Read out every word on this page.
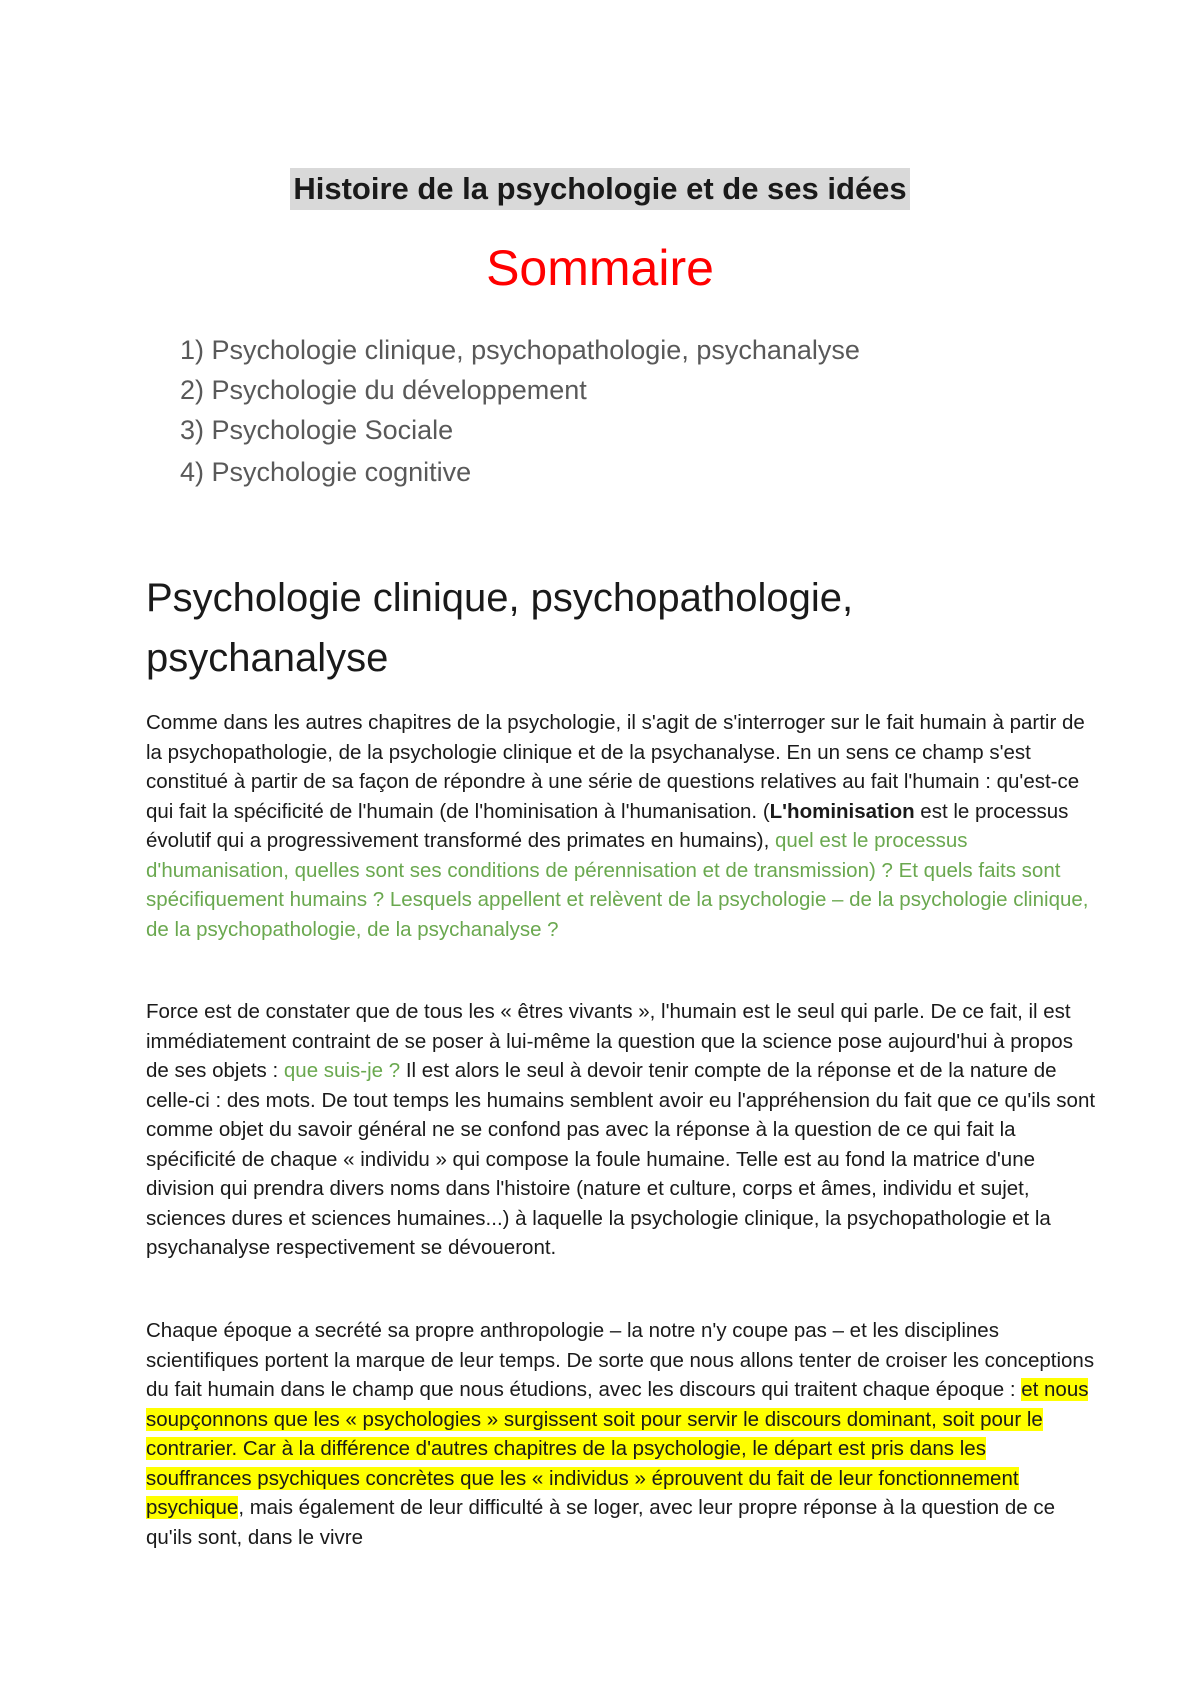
Histoire de la psychologie et de ses idées
Sommaire
1) Psychologie clinique, psychopathologie, psychanalyse
2) Psychologie du développement
3) Psychologie Sociale
4) Psychologie cognitive
Psychologie clinique, psychopathologie, psychanalyse

Comme dans les autres chapitres de la psychologie, il s'agit de s'interroger sur le fait humain à partir de la psychopathologie, de la psychologie clinique et de la psychanalyse. En un sens ce champ s'est constitué à partir de sa façon de répondre à une série de questions relatives au fait l'humain : qu'est-ce qui fait la spécificité de l'humain (de l'hominisation à l'humanisation. (L'hominisation est le processus évolutif qui a progressivement transformé des primates en humains), quel est le processus d'humanisation, quelles sont ses conditions de pérennisation et de transmission) ? Et quels faits sont spécifiquement humains ? Lesquels appellent et relèvent de la psychologie – de la psychologie clinique, de la psychopathologie, de la psychanalyse ?

Force est de constater que de tous les « êtres vivants », l'humain est le seul qui parle. De ce fait, il est immédiatement contraint de se poser à lui-même la question que la science pose aujourd'hui à propos de ses objets : que suis-je ? Il est alors le seul à devoir tenir compte de la réponse et de la nature de celle-ci : des mots. De tout temps les humains semblent avoir eu l'appréhension du fait que ce qu'ils sont comme objet du savoir général ne se confond pas avec la réponse à la question de ce qui fait la spécificité de chaque « individu » qui compose la foule humaine. Telle est au fond la matrice d'une division qui prendra divers noms dans l'histoire (nature et culture, corps et âmes, individu et sujet, sciences dures et sciences humaines...) à laquelle la psychologie clinique, la psychopathologie et la psychanalyse respectivement se dévoueront.

Chaque époque a secrété sa propre anthropologie – la notre n'y coupe pas – et les disciplines scientifiques portent la marque de leur temps. De sorte que nous allons tenter de croiser les conceptions du fait humain dans le champ que nous étudions, avec les discours qui traitent chaque époque : et nous soupçonnons que les « psychologies » surgissent soit pour servir le discours dominant, soit pour le contrarier. Car à la différence d'autres chapitres de la psychologie, le départ est pris dans les souffrances psychiques concrètes que les « individus » éprouvent du fait de leur fonctionnement psychique, mais également de leur difficulté à se loger, avec leur propre réponse à la question de ce qu'ils sont, dans le vivre
